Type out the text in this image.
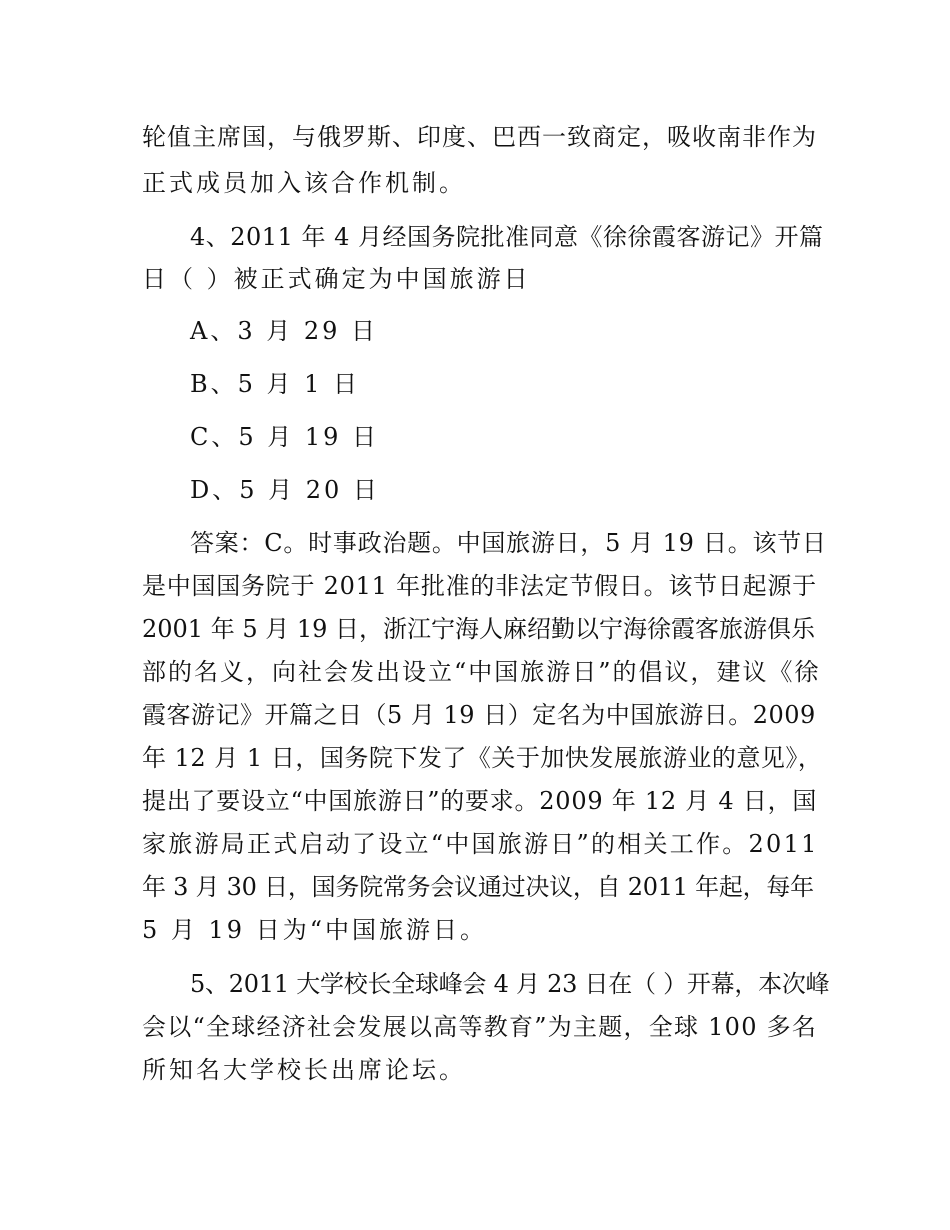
轮值主席国，与俄罗斯、印度、巴西一致商定，吸收南非作为
正式成员加入该合作机制。
4、2011 年 4 月经国务院批准同意《徐徐霞客游记》开篇
日（ ）被正式确定为中国旅游日
A、3 月 29 日
B、5 月 1 日
C、5 月 19 日
D、5 月 20 日
答案：C。时事政治题。中国旅游日，5 月 19 日。该节日
是中国国务院于 2011 年批准的非法定节假日。该节日起源于
2001 年 5 月 19 日，浙江宁海人麻绍勤以宁海徐霞客旅游俱乐
部的名义，向社会发出设立“中国旅游日”的倡议，建议《徐
霞客游记》开篇之日（5 月 19 日）定名为中国旅游日。2009
年 12 月 1 日，国务院下发了《关于加快发展旅游业的意见》，
提出了要设立“中国旅游日”的要求。2009 年 12 月 4 日，国
家旅游局正式启动了设立“中国旅游日”的相关工作。2011
年 3 月 30 日，国务院常务会议通过决议，自 2011 年起，每年
5 月 19 日为“中国旅游日。
5、2011 大学校长全球峰会 4 月 23 日在（ ）开幕，本次峰
会以“全球经济社会发展以高等教育”为主题，全球 100 多名
所知名大学校长出席论坛。
